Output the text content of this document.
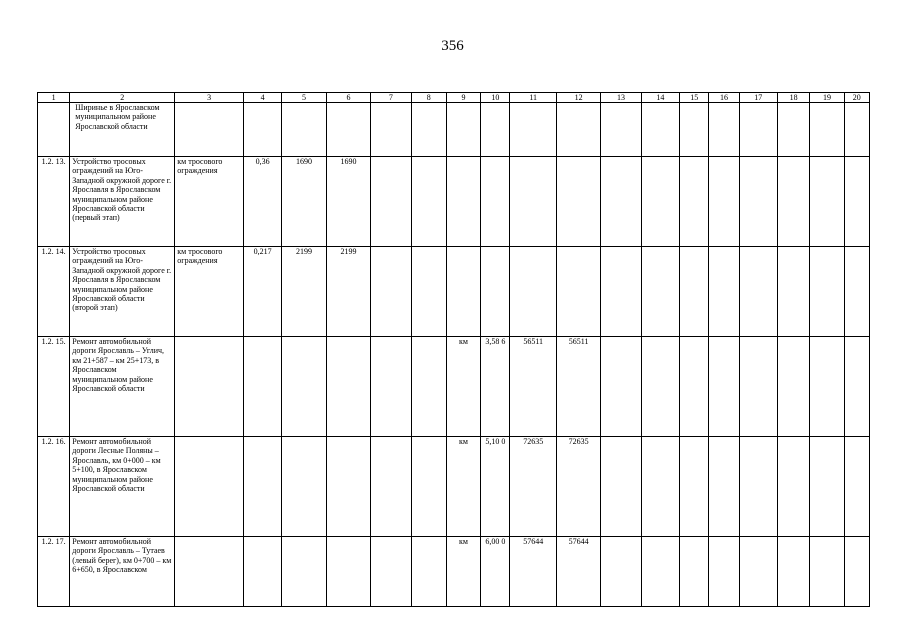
356
1	2	3	4	5	6	7	8	9	10	11	12	13	14	15	16	17	18	19	20
	Ширинье в Ярославском муниципальном районе Ярославской области																		
1.2. 13.	Устройство тросовых ограждений на Юго-Западной окружной дороге г. Ярославля в Ярославском муниципальном районе Ярославской области (первый этап)	км тросового ограждения	0,36	1690	1690														
1.2. 14.	Устройство тросовых ограждений на Юго-Западной окружной дороге г. Ярославля в Ярославском муниципальном районе Ярославской области (второй этап)	км тросового ограждения	0,217	2199	2199														
1.2. 15.	Ремонт автомобильной дороги Ярославль – Углич, км 21+587 – км 25+173, в Ярославском муниципальном районе Ярославской области							км	3,58 6	56511	56511								
1.2. 16.	Ремонт автомобильной дороги Лесные Поляны – Ярославль, км 0+000 – км 5+100, в Ярославском муниципальном районе Ярославской области							км	5,10 0	72635	72635								
1.2. 17.	Ремонт автомобильной дороги Ярославль – Тутаев (левый берег), км 0+700 – км 6+650, в Ярославском							км	6,00 0	57644	57644								
